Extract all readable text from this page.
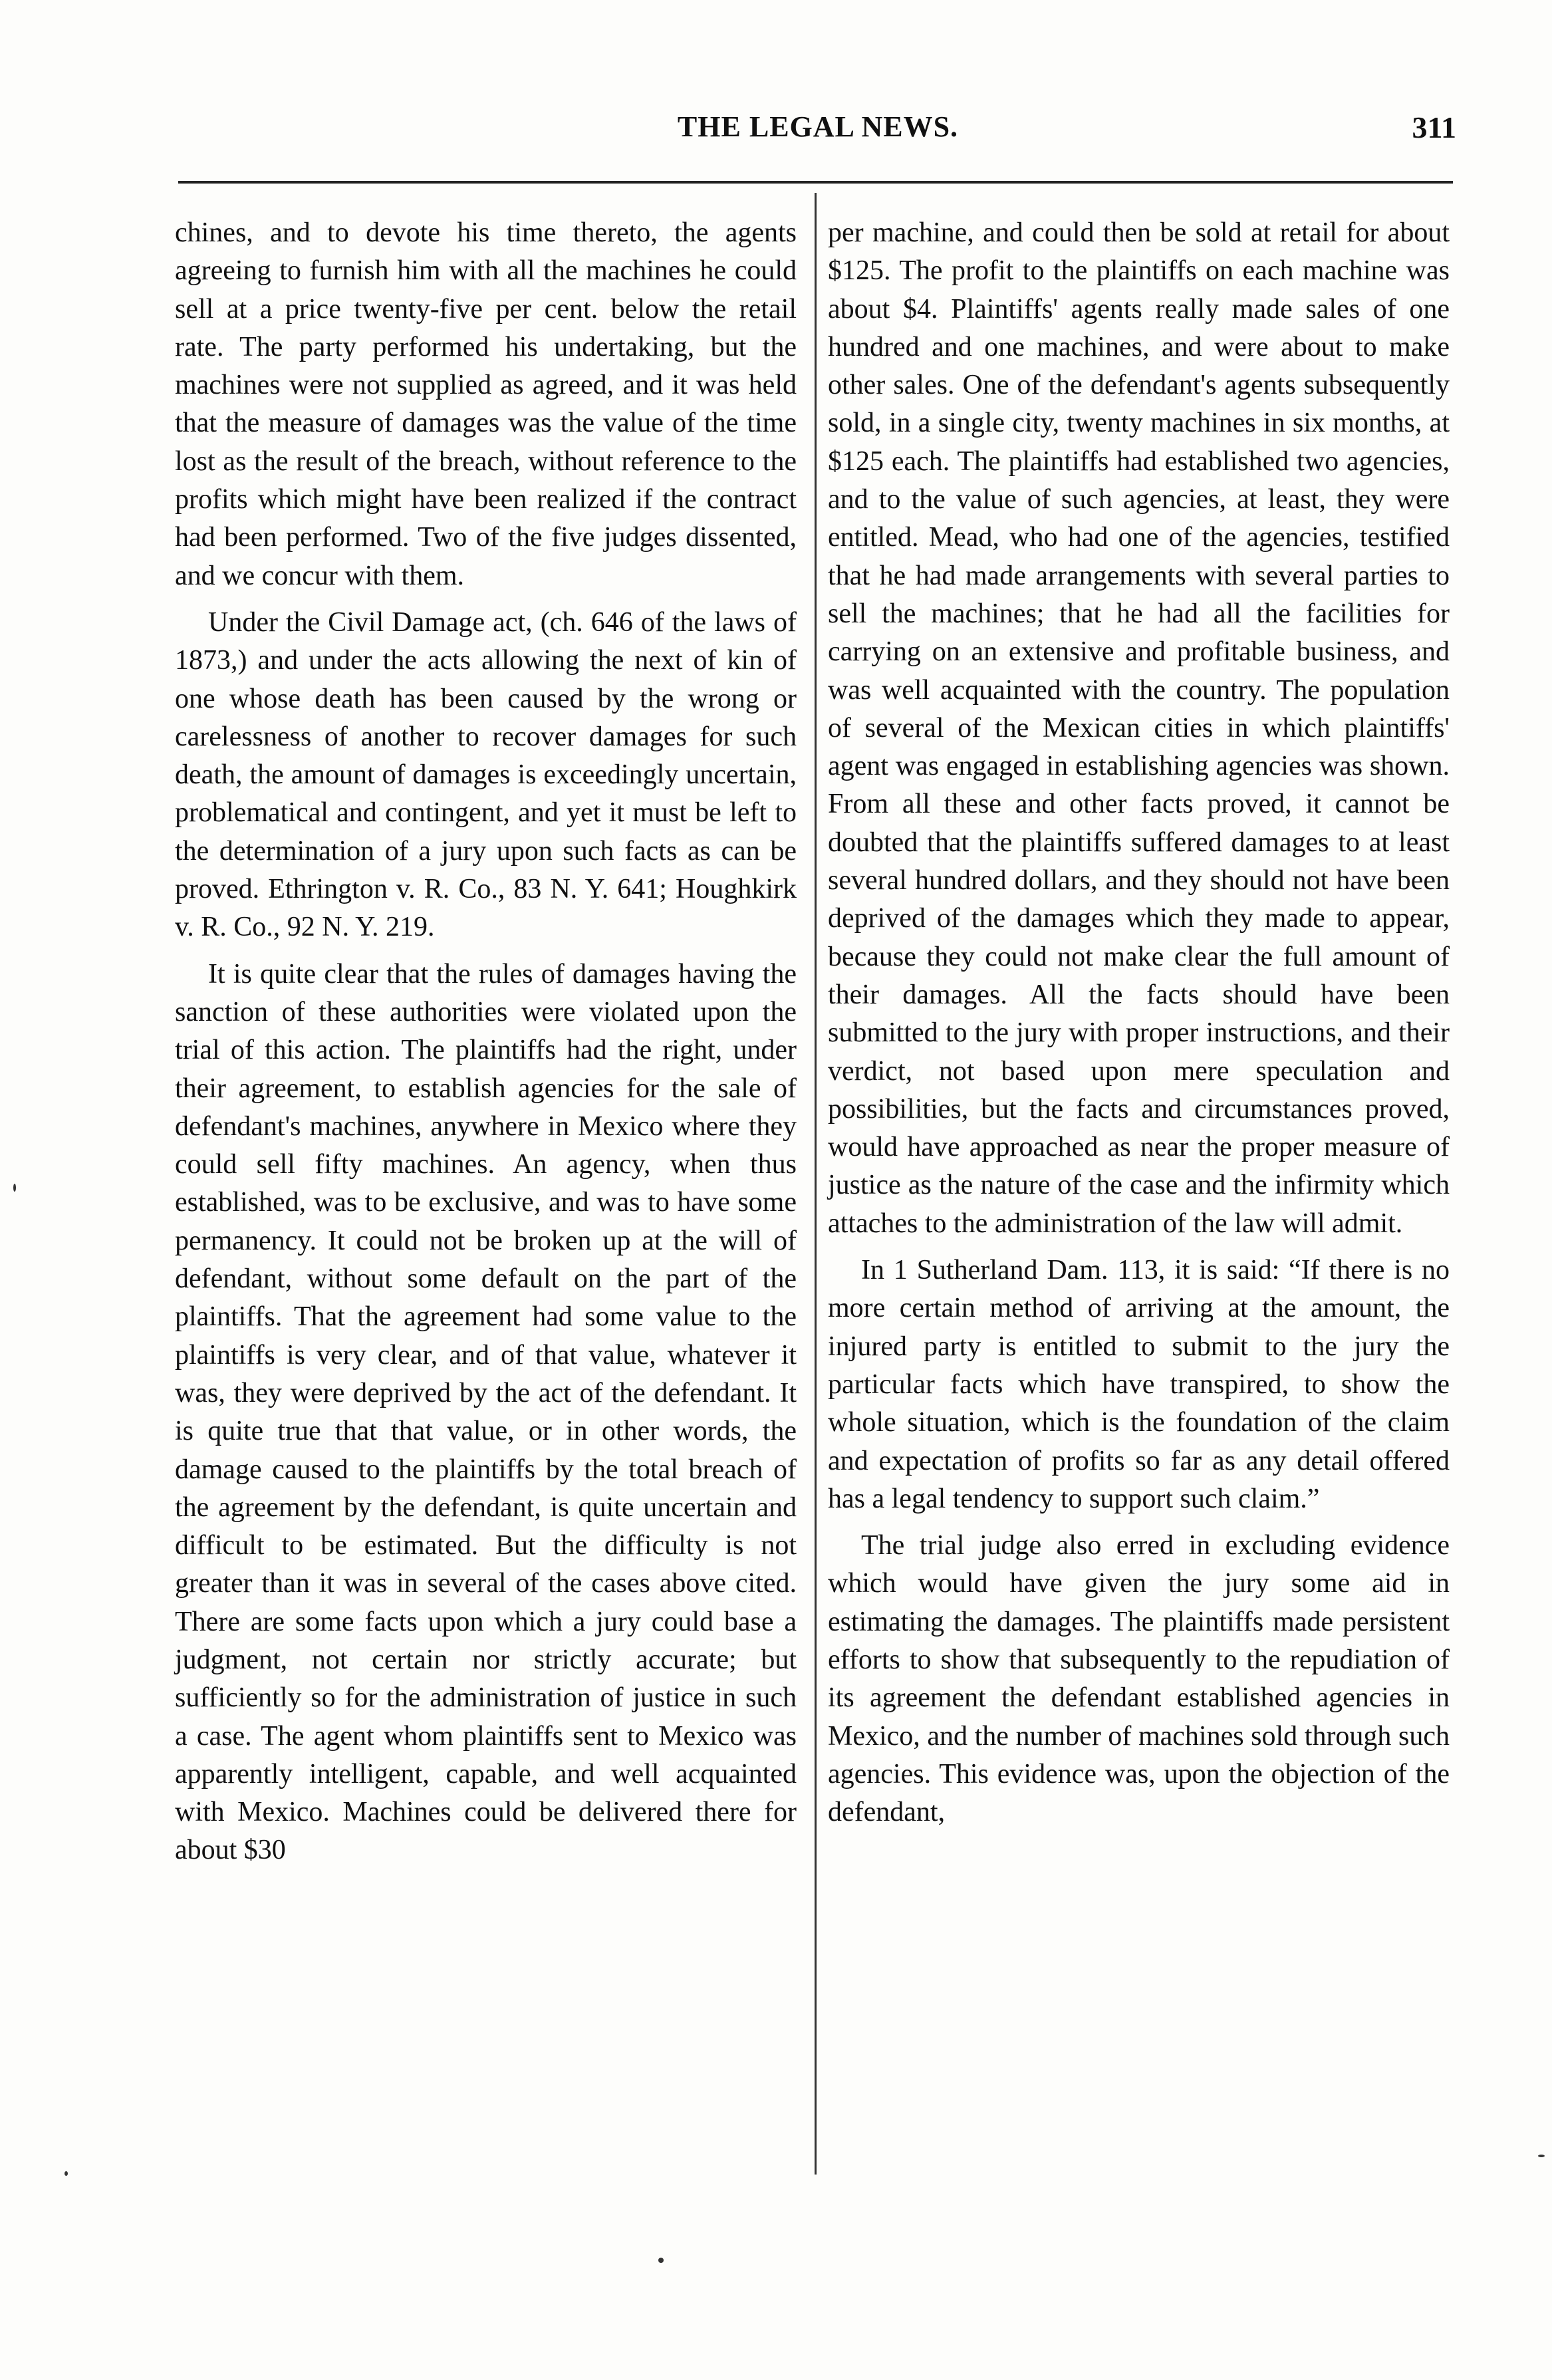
THE LEGAL NEWS.	311

chines, and to devote his time thereto, the agents agreeing to furnish him with all the machines he could sell at a price twenty-five per cent. below the retail rate. The party performed his undertaking, but the machines were not supplied as agreed, and it was held that the measure of damages was the value of the time lost as the result of the breach, without reference to the profits which might have been realized if the contract had been performed. Two of the five judges dissented, and we concur with them.

Under the Civil Damage act, (ch. 646 of the laws of 1873,) and under the acts allowing the next of kin of one whose death has been caused by the wrong or carelessness of another to recover damages for such death, the amount of damages is exceedingly uncertain, problematical and contingent, and yet it must be left to the determination of a jury upon such facts as can be proved. Ethrington v. R. Co., 83 N. Y. 641; Houghkirk v. R. Co., 92 N. Y. 219.

It is quite clear that the rules of damages having the sanction of these authorities were violated upon the trial of this action. The plaintiffs had the right, under their agreement, to establish agencies for the sale of defendant's machines, anywhere in Mexico where they could sell fifty machines. An agency, when thus established, was to be exclusive, and was to have some permanency. It could not be broken up at the will of defendant, without some default on the part of the plaintiffs. That the agreement had some value to the plaintiffs is very clear, and of that value, whatever it was, they were deprived by the act of the defendant. It is quite true that that value, or in other words, the damage caused to the plaintiffs by the total breach of the agreement by the defendant, is quite uncertain and difficult to be estimated. But the difficulty is not greater than it was in several of the cases above cited. There are some facts upon which a jury could base a judgment, not certain nor strictly accurate; but sufficiently so for the administration of justice in such a case. The agent whom plaintiffs sent to Mexico was apparently intelligent, capable, and well acquainted with Mexico. Machines could be delivered there for about $30

per machine, and could then be sold at retail for about $125. The profit to the plaintiffs on each machine was about $4. Plaintiffs' agents really made sales of one hundred and one machines, and were about to make other sales. One of the defendant's agents subsequently sold, in a single city, twenty machines in six months, at $125 each. The plaintiffs had established two agencies, and to the value of such agencies, at least, they were entitled. Mead, who had one of the agencies, testified that he had made arrangements with several parties to sell the machines; that he had all the facilities for carrying on an extensive and profitable business, and was well acquainted with the country. The population of several of the Mexican cities in which plaintiffs' agent was engaged in establishing agencies was shown. From all these and other facts proved, it cannot be doubted that the plaintiffs suffered damages to at least several hundred dollars, and they should not have been deprived of the damages which they made to appear, because they could not make clear the full amount of their damages. All the facts should have been submitted to the jury with proper instructions, and their verdict, not based upon mere speculation and possibilities, but the facts and circumstances proved, would have approached as near the proper measure of justice as the nature of the case and the infirmity which attaches to the administration of the law will admit.

In 1 Sutherland Dam. 113, it is said: “If there is no more certain method of arriving at the amount, the injured party is entitled to submit to the jury the particular facts which have transpired, to show the whole situation, which is the foundation of the claim and expectation of profits so far as any detail offered has a legal tendency to support such claim.”

The trial judge also erred in excluding evidence which would have given the jury some aid in estimating the damages. The plaintiffs made persistent efforts to show that subsequently to the repudiation of its agreement the defendant established agencies in Mexico, and the number of machines sold through such agencies. This evidence was, upon the objection of the defendant,
